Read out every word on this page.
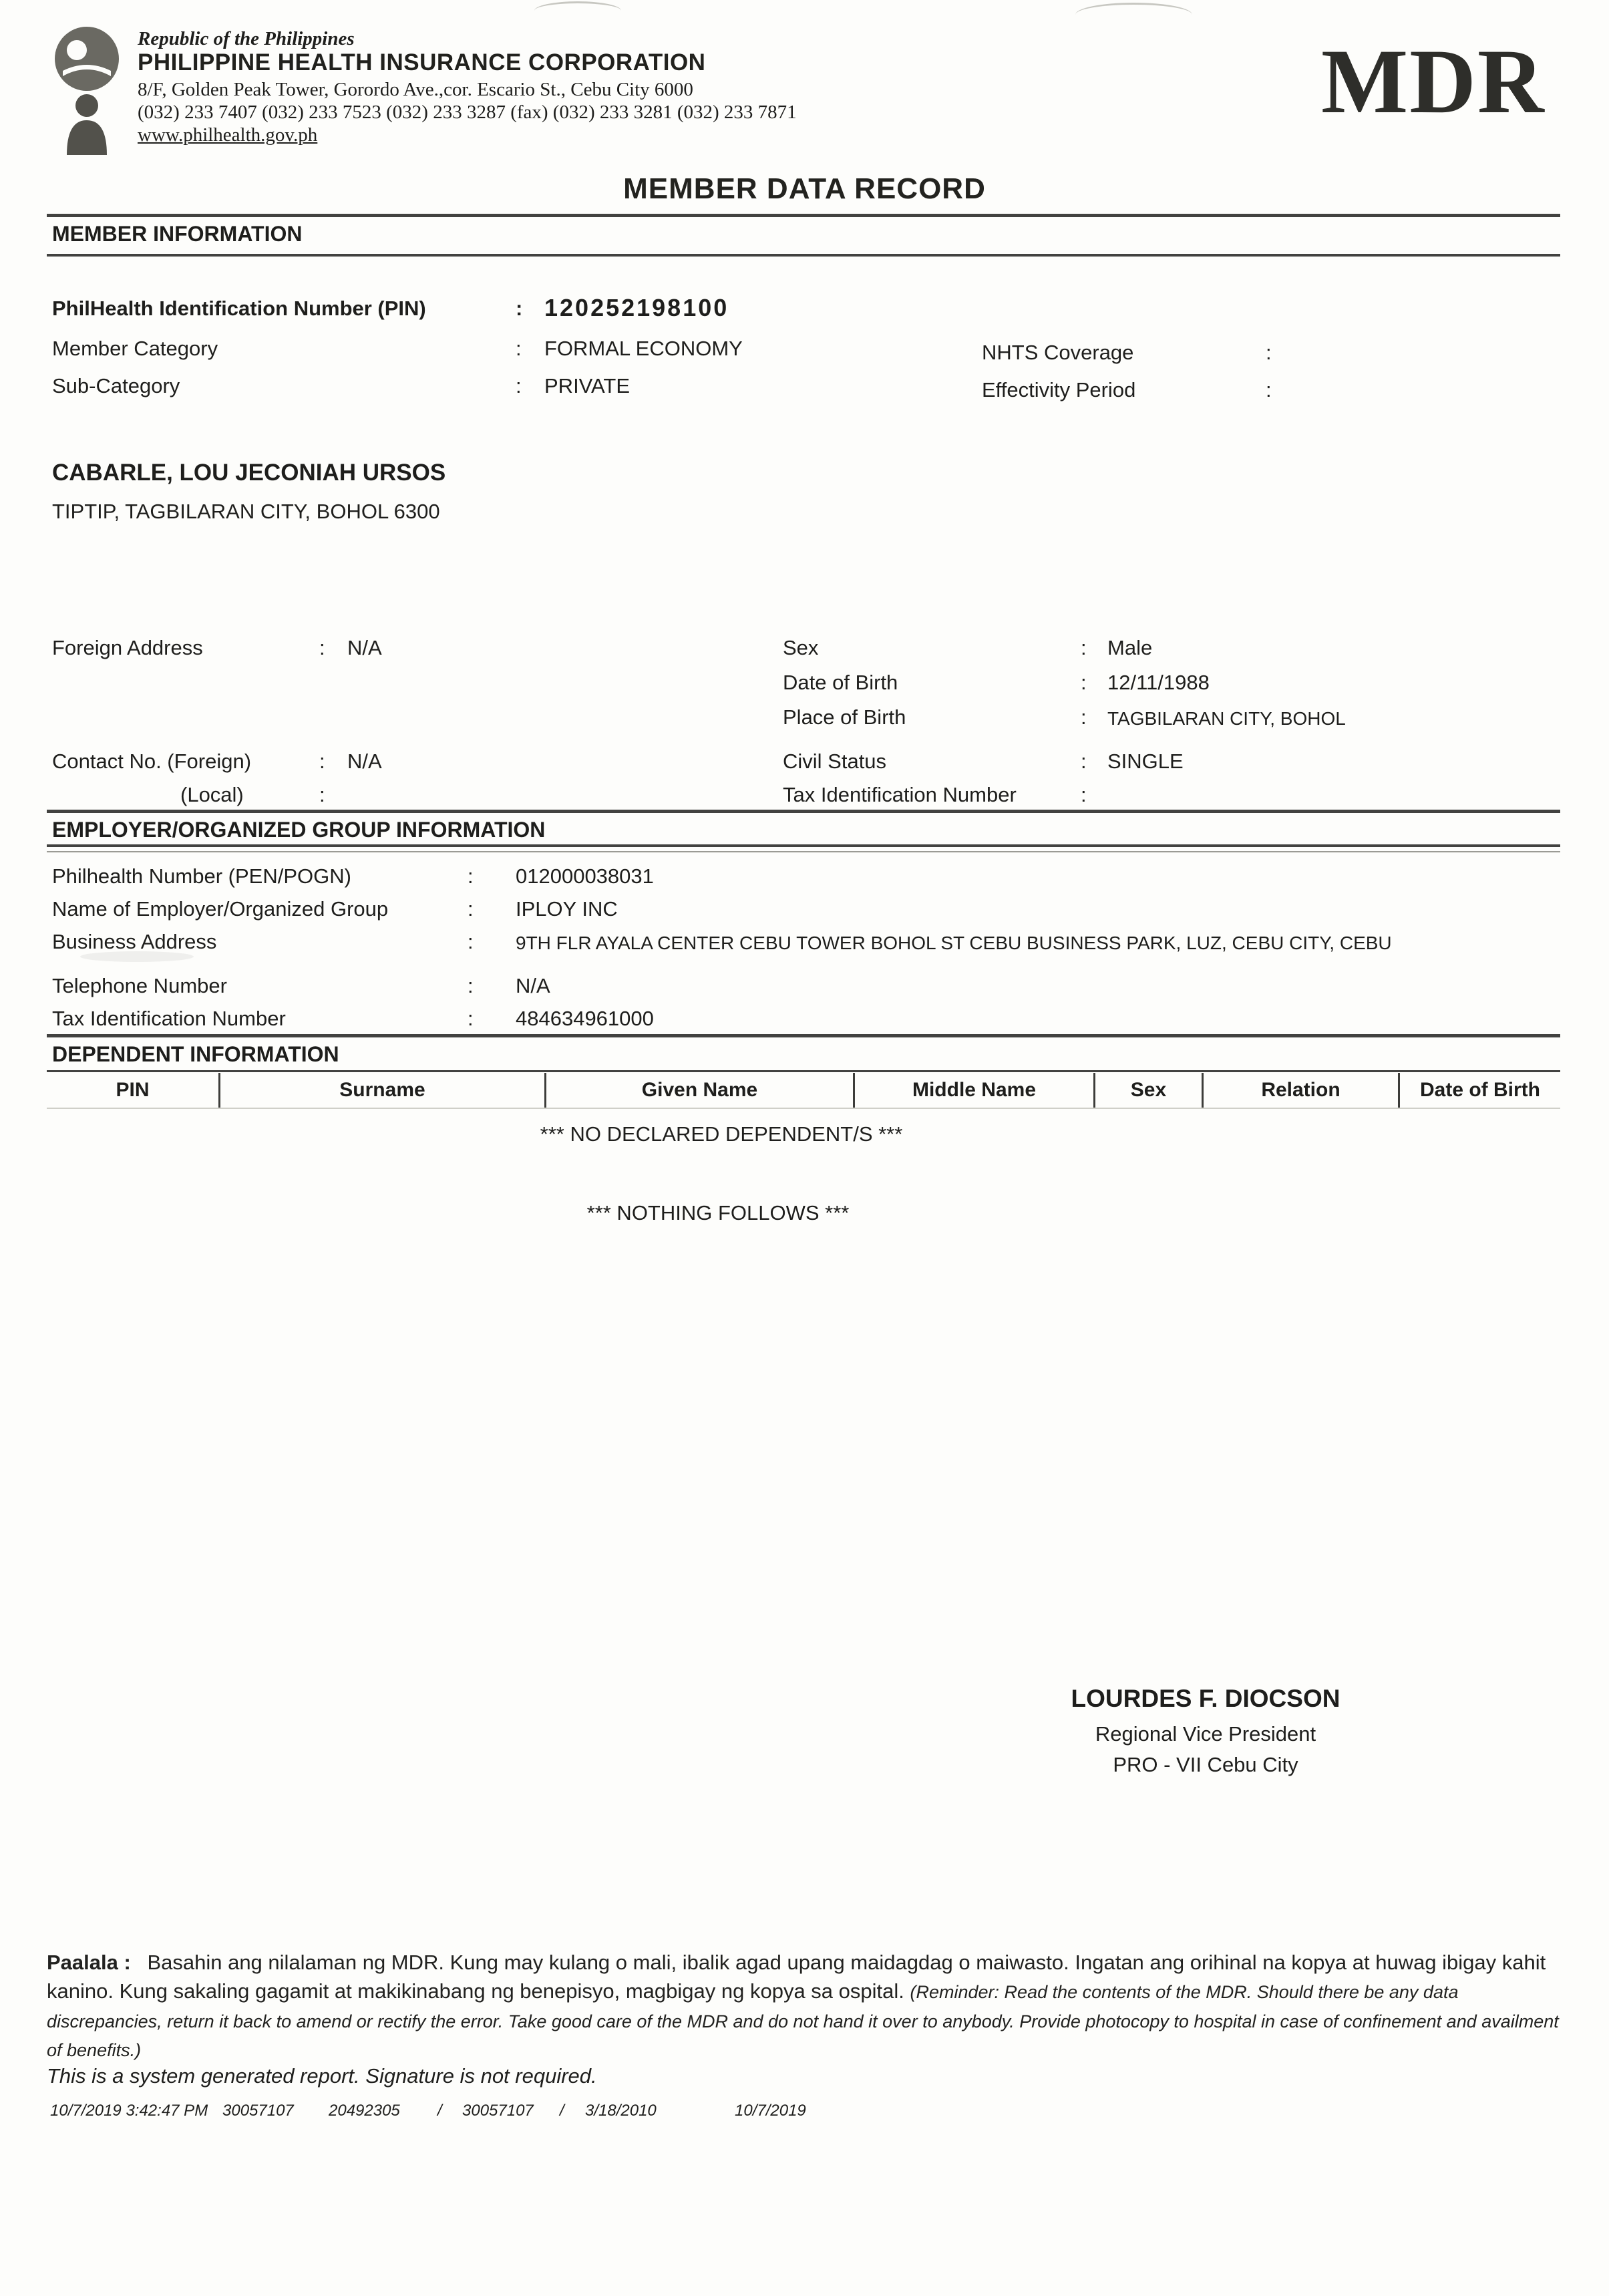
Republic of the Philippines
PHILIPPINE HEALTH INSURANCE CORPORATION
8/F, Golden Peak Tower, Gorordo Ave.,cor. Escario St., Cebu City 6000
(032) 233 7407 (032) 233 7523 (032) 233 3287 (fax) (032) 233 3281 (032) 233 7871
www.philhealth.gov.ph
MDR
MEMBER DATA RECORD
MEMBER INFORMATION
PhilHealth Identification Number (PIN)	: 120252198100
Member Category	: FORMAL ECONOMY	NHTS Coverage	:
Sub-Category	: PRIVATE	Effectivity Period	:
CABARLE, LOU JECONIAH URSOS
TIPTIP, TAGBILARAN CITY, BOHOL 6300
Foreign Address	: N/A	Sex	: Male
Date of Birth	: 12/11/1988
Place of Birth	: TAGBILARAN CITY, BOHOL
Contact No. (Foreign)	: N/A	Civil Status	: SINGLE
(Local)	:	Tax Identification Number	:
EMPLOYER/ORGANIZED GROUP INFORMATION
Philhealth Number (PEN/POGN)	: 012000038031
Name of Employer/Organized Group	: IPLOY INC
Business Address	: 9TH FLR AYALA CENTER CEBU TOWER BOHOL ST CEBU BUSINESS PARK, LUZ, CEBU CITY, CEBU
Telephone Number	: N/A
Tax Identification Number	: 484634961000
DEPENDENT INFORMATION
PIN	Surname	Given Name	Middle Name	Sex	Relation	Date of Birth
*** NO DECLARED DEPENDENT/S ***
*** NOTHING FOLLOWS ***
LOURDES F. DIOCSON
Regional Vice President
PRO - VII Cebu City

Paalala : Basahin ang nilalaman ng MDR. Kung may kulang o mali, ibalik agad upang maidagdag o maiwasto. Ingatan ang orihinal na kopya at huwag ibigay kahit kanino. Kung sakaling gagamit at makikinabang ng benepisyo, magbigay ng kopya sa ospital. (Reminder: Read the contents of the MDR. Should there be any data discrepancies, return it back to amend or rectify the error. Take good care of the MDR and do not hand it over to anybody. Provide photocopy to hospital in case of confinement and availment of benefits.)

This is a system generated report. Signature is not required.
10/7/2019 3:42:47 PM 30057107 20492305 / 30057107 / 3/18/2010	10/7/2019
